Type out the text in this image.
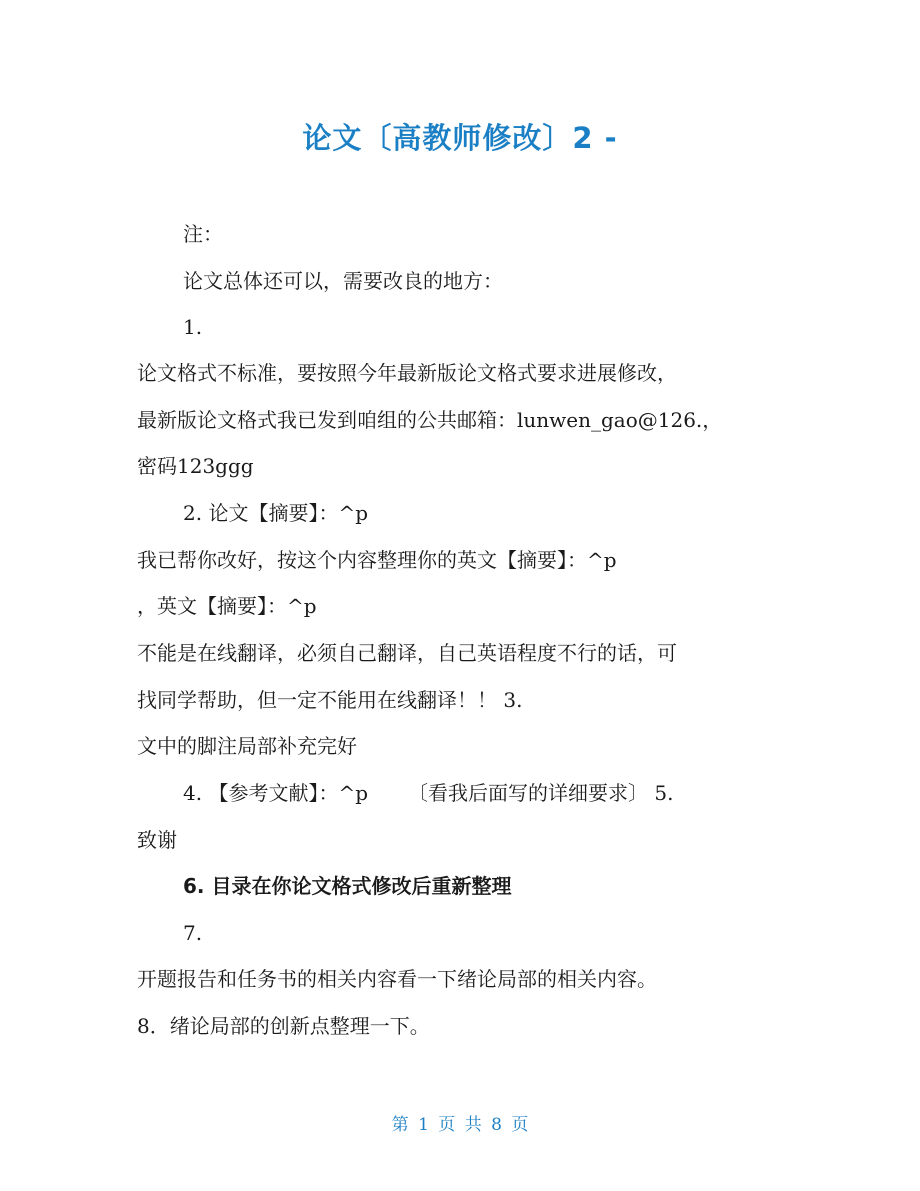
论文〔高教师修改〕2 -
注：
论文总体还可以，需要改良的地方：
1.
论文格式不标准，要按照今年最新版论文格式要求进展修改，
最新版论文格式我已发到咱组的公共邮箱：lunwen_gao@126.，
密码123ggg
2. 论文【摘要】：^p
我已帮你改好，按这个内容整理你的英文【摘要】：^p
，英文【摘要】：^p
不能是在线翻译，必须自己翻译，自己英语程度不行的话，可
找同学帮助，但一定不能用在线翻译！！ 3.
文中的脚注局部补充完好
4. 【参考文献】：^p 〔看我后面写的详细要求〕 5.
致谢
6. 目录在你论文格式修改后重新整理
7.
开题报告和任务书的相关内容看一下绪论局部的相关内容。
8．绪论局部的创新点整理一下。
第 1 页 共 8 页
